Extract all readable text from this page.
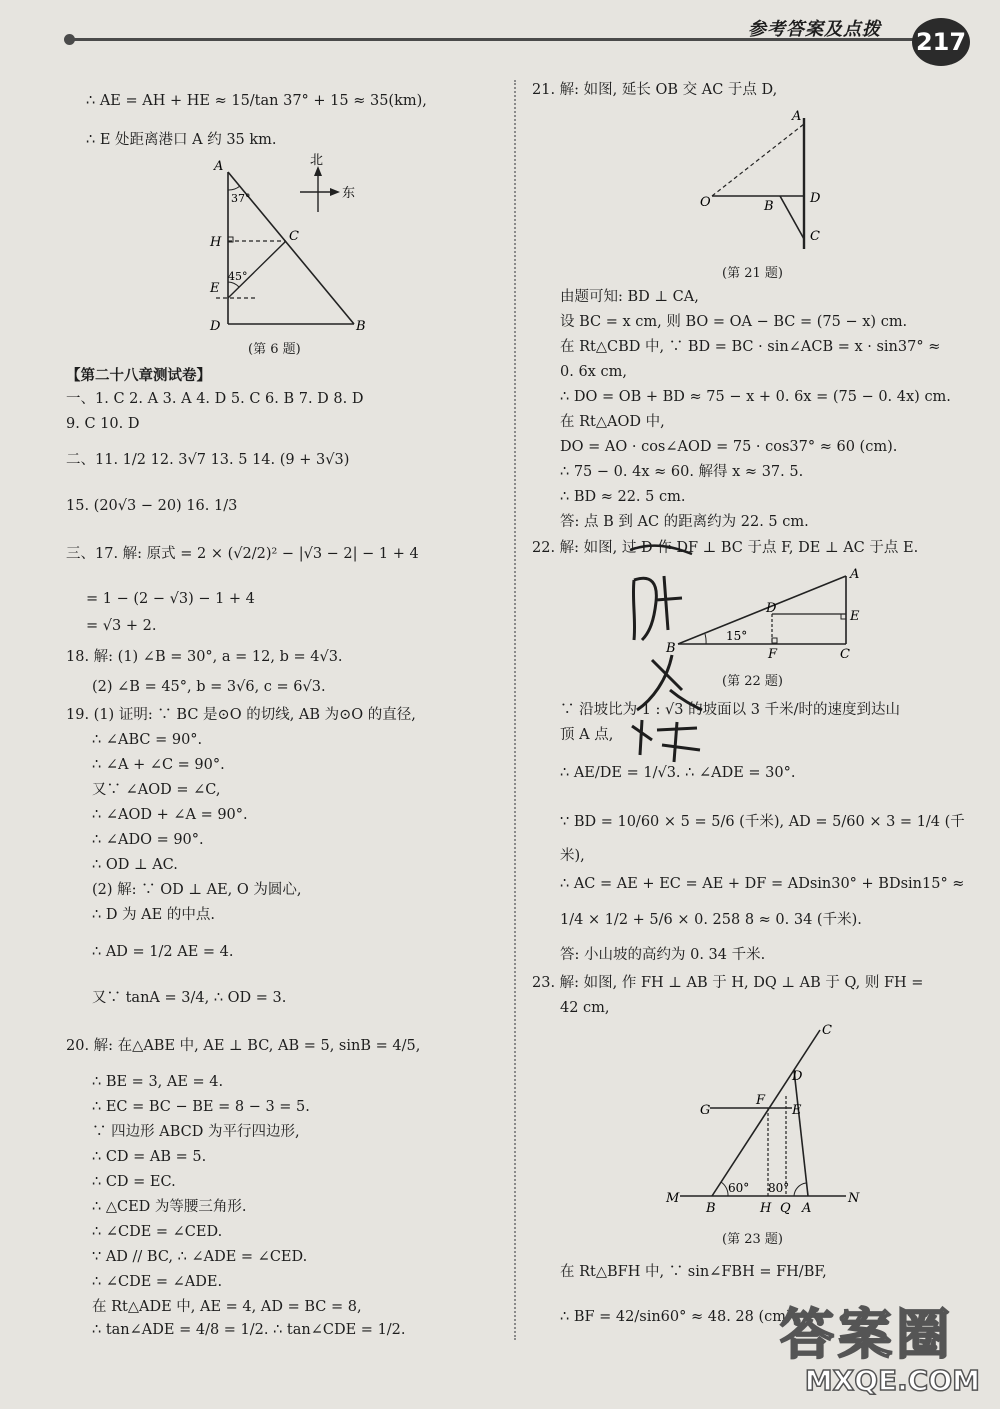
参考答案及点拨 217
∴ AE = AH + HE ≈ 15/tan 37° + 15 ≈ 35(km),
∴ E 处距离港口 A 约 35 km.
A
H
E
D
C
B
37°
45°
北
东
(第 6 题)
【第二十八章测试卷】
一、1. C 2. A 3. A 4. D 5. C 6. B 7. D 8. D
9. C 10. D
二、11. 1/2 12. 3√7 13. 5 14. (9 + 3√3)
15. (20√3 − 20) 16. 1/3
三、17. 解: 原式 = 2 × (√2/2)² − |√3 − 2| − 1 + 4
= 1 − (2 − √3) − 1 + 4
= √3 + 2.
18. 解: (1) ∠B = 30°, a = 12, b = 4√3.
(2) ∠B = 45°, b = 3√6, c = 6√3.
19. (1) 证明: ∵ BC 是⊙O 的切线, AB 为⊙O 的直径,
∴ ∠ABC = 90°.
∴ ∠A + ∠C = 90°.
又∵ ∠AOD = ∠C,
∴ ∠AOD + ∠A = 90°.
∴ ∠ADO = 90°.
∴ OD ⊥ AC.
(2) 解: ∵ OD ⊥ AE, O 为圆心,
∴ D 为 AE 的中点.
∴ AD = 1/2 AE = 4.
又∵ tanA = 3/4, ∴ OD = 3.
20. 解: 在△ABE 中, AE ⊥ BC, AB = 5, sinB = 4/5,
∴ BE = 3, AE = 4.
∴ EC = BC − BE = 8 − 3 = 5.
∵ 四边形 ABCD 为平行四边形,
∴ CD = AB = 5.
∴ CD = EC.
∴ △CED 为等腰三角形.
∴ ∠CDE = ∠CED.
∵ AD // BC, ∴ ∠ADE = ∠CED.
∴ ∠CDE = ∠ADE.
在 Rt△ADE 中, AE = 4, AD = BC = 8,
∴ tan∠ADE = 4/8 = 1/2. ∴ tan∠CDE = 1/2.
21. 解: 如图, 延长 OB 交 AC 于点 D,
A
O	B
D
C
(第 21 题)
由题可知: BD ⊥ CA,
设 BC = x cm, 则 BO = OA − BC = (75 − x) cm.
在 Rt△CBD 中, ∵ BD = BC · sin∠ACB = x · sin37° ≈
0. 6x cm,
∴ DO = OB + BD ≈ 75 − x + 0. 6x = (75 − 0. 4x) cm.
在 Rt△AOD 中,
DO = AO · cos∠AOD = 75 · cos37° ≈ 60 (cm).
∴ 75 − 0. 4x ≈ 60. 解得 x ≈ 37. 5.
∴ BD ≈ 22. 5 cm.
答: 点 B 到 AC 的距离约为 22. 5 cm.
22. 解: 如图, 过 D 作 DF ⊥ BC 于点 F, DE ⊥ AC 于点 E.
A
B	C
D
E
F
15°
(第 22 题)
∵ 沿坡比为 1 : √3 的坡面以 3 千米/时的速度到达山
顶 A 点,
∴ AE/DE = 1/√3. ∴ ∠ADE = 30°.
∵ BD = 10/60 × 5 = 5/6 (千米), AD = 5/60 × 3 = 1/4 (千
米),
∴ AC = AE + EC = AE + DF = ADsin30° + BDsin15° ≈
1/4 × 1/2 + 5/6 × 0. 258 8 ≈ 0. 34 (千米).
答: 小山坡的高约为 0. 34 千米.
23. 解: 如图, 作 FH ⊥ AB 于 H, DQ ⊥ AB 于 Q, 则 FH =
42 cm,
C
D
G
F
E
M	N
B	H Q A
60° 80°
(第 23 题)
在 Rt△BFH 中, ∵ sin∠FBH = FH/BF,
∴ BF = 42/sin60° ≈ 48. 28 (cm).
答案圈
MXQE.COM
